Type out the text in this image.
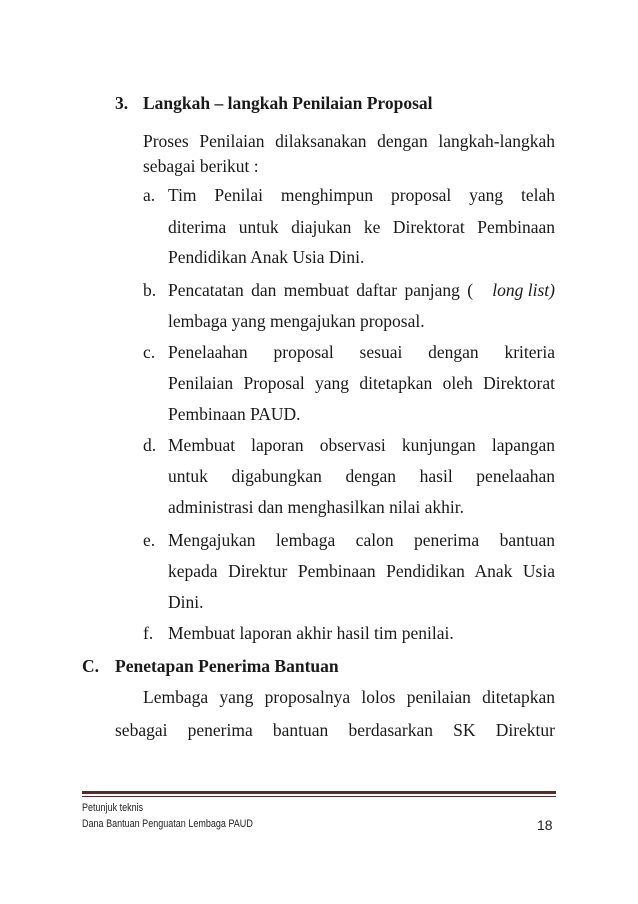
3. Langkah – langkah Penilaian Proposal
Proses Penilaian dilaksanakan dengan langkah-langkah
sebagai berikut :
a. Tim Penilai menghimpun proposal yang telah
diterima untuk diajukan ke Direktorat Pembinaan
Pendidikan Anak Usia Dini.
b. Pencatatan dan membuat daftar panjang ( long list)
lembaga yang mengajukan proposal.
c. Penelaahan proposal sesuai dengan kriteria
Penilaian Proposal yang ditetapkan oleh Direktorat
Pembinaan PAUD.
d. Membuat laporan observasi kunjungan lapangan
untuk digabungkan dengan hasil penelaahan
administrasi dan menghasilkan nilai akhir.
e. Mengajukan lembaga calon penerima bantuan
kepada Direktur Pembinaan Pendidikan Anak Usia
Dini.
f. Membuat laporan akhir hasil tim penilai.
C. Penetapan Penerima Bantuan
Lembaga yang proposalnya lolos penilaian ditetapkan
sebagai penerima bantuan berdasarkan SK Direktur
Petunjuk teknis
Dana Bantuan Penguatan Lembaga PAUD	18
